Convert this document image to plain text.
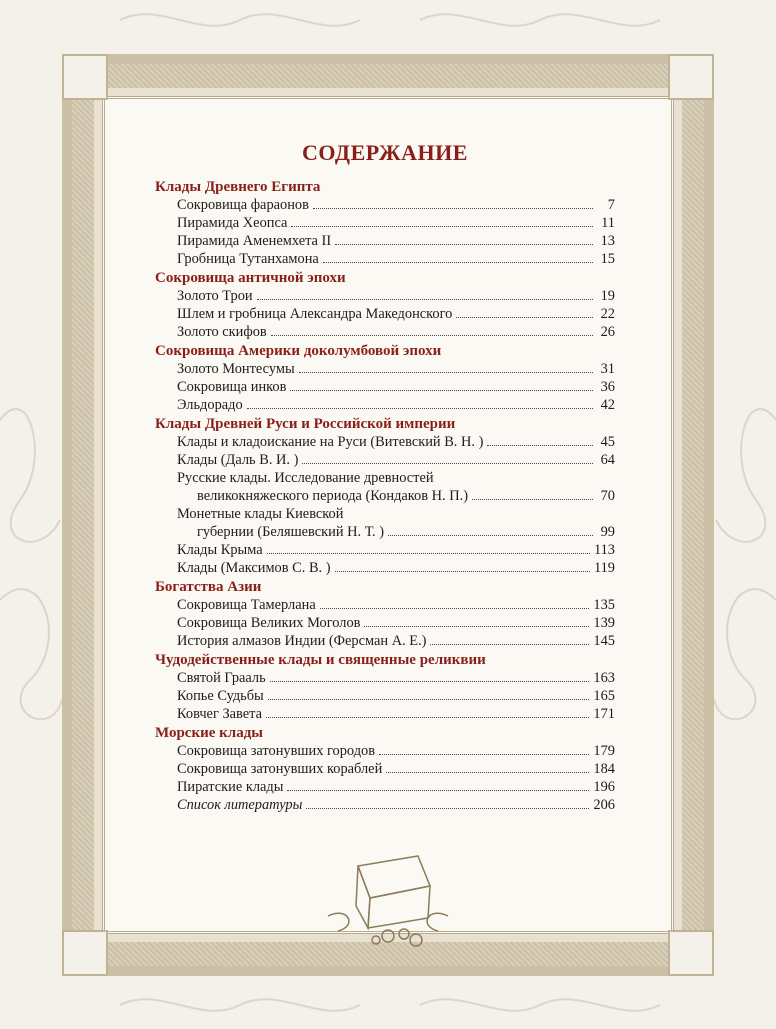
СОДЕРЖАНИЕ

Клады Древнего Египта

Сокровища фараонов	7
Пирамида Хеопса	11
Пирамида Аменемхета II	13
Гробница Тутанхамона	15

Сокровища античной эпохи

Золото Трои	19
Шлем и гробница Александра Македонского	22
Золото скифов	26

Сокровища Америки доколумбовой эпохи

Золото Монтесумы	31
Сокровища инков	36
Эльдорадо	42

Клады Древней Руси и Российской империи

Клады и кладоискание на Руси (Витевский В. Н. )	45
Клады (Даль В. И. )	64
Русские клады. Исследование древностей
великокняжеского периода (Кондаков Н. П.)	70
Монетные клады Киевской
губернии (Беляшевский Н. Т. )	99
Клады Крыма	113
Клады (Максимов С. В. )	119

Богатства Азии

Сокровища Тамерлана	135
Сокровища Великих Моголов	139
История алмазов Индии (Ферсман А. Е.)	145

Чудодейственные клады и священные реликвии

Святой Грааль	163
Копье Судьбы	165
Ковчег Завета	171

Морские клады

Сокровища затонувших городов	179
Сокровища затонувших кораблей	184
Пиратские клады	196
Список литературы	206
